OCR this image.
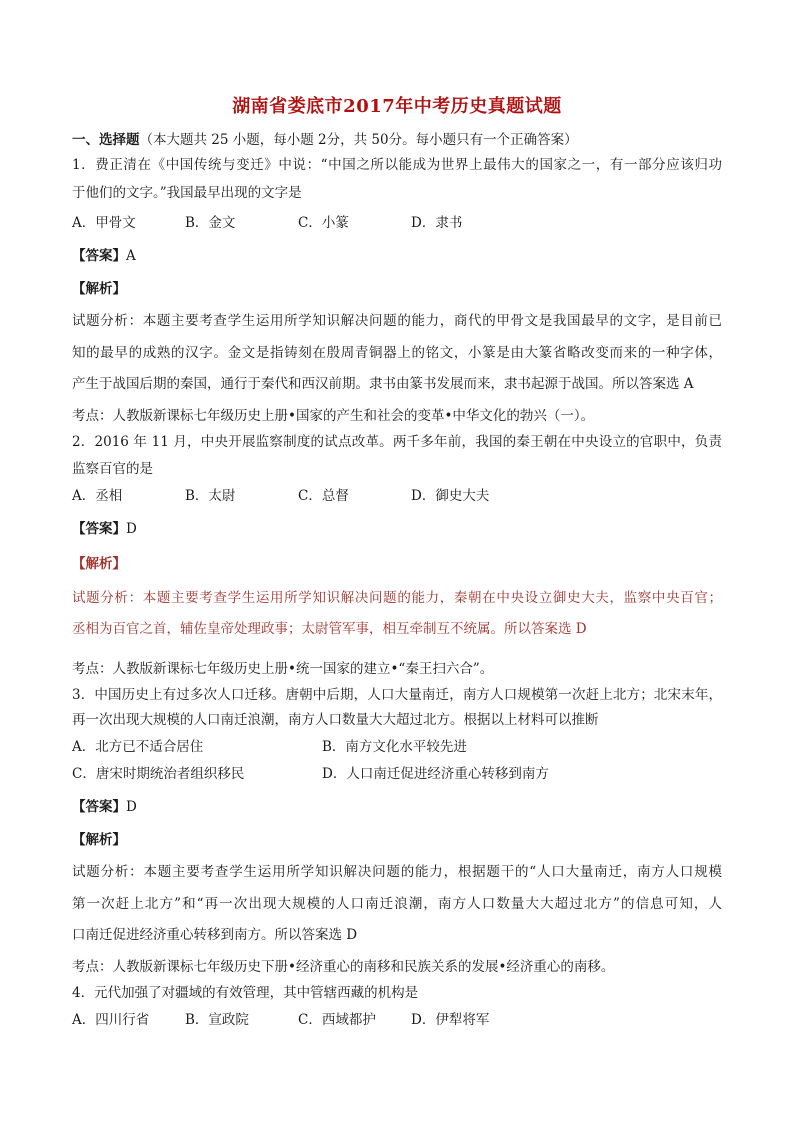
湖南省娄底市2017年中考历史真题试题
一、选择题（本大题共 25 小题，每小题 2分，共 50分。每小题只有一个正确答案）
1．费正清在《中国传统与变迁》中说：“中国之所以能成为世界上最伟大的国家之一，有一部分应该归功
于他们的文字。”我国最早出现的文字是
A．甲骨文	B．金文	C．小篆	D．隶书
【答案】A
【解析】
试题分析：本题主要考查学生运用所学知识解决问题的能力，商代的甲骨文是我国最早的文字，是目前已
知的最早的成熟的汉字。金文是指铸刻在殷周青铜器上的铭文，小篆是由大篆省略改变而来的一种字体，
产生于战国后期的秦国，通行于秦代和西汉前期。隶书由篆书发展而来，隶书起源于战国。所以答案选 A
考点：人教版新课标七年级历史上册•国家的产生和社会的变革•中华文化的勃兴（一）。
2．2016 年 11 月，中央开展监察制度的试点改革。两千多年前，我国的秦王朝在中央设立的官职中，负责
监察百官的是
A．丞相	B．太尉	C．总督	D．御史大夫
【答案】D
【解析】
试题分析：本题主要考查学生运用所学知识解决问题的能力，秦朝在中央设立御史大夫，监察中央百官；
丞相为百官之首，辅佐皇帝处理政事；太尉管军事，相互牵制互不统属。所以答案选 D
考点：人教版新课标七年级历史上册•统一国家的建立•“秦王扫六合”。
3．中国历史上有过多次人口迁移。唐朝中后期，人口大量南迁，南方人口规模第一次赶上北方；北宋末年，
再一次出现大规模的人口南迁浪潮，南方人口数量大大超过北方。根据以上材料可以推断
A．北方已不适合居住	B．南方文化水平较先进
C．唐宋时期统治者组织移民	D．人口南迁促进经济重心转移到南方
【答案】D
【解析】
试题分析：本题主要考查学生运用所学知识解决问题的能力，根据题干的“人口大量南迁，南方人口规模
第一次赶上北方”和“再一次出现大规模的人口南迁浪潮，南方人口数量大大超过北方”的信息可知，人
口南迁促进经济重心转移到南方。所以答案选 D
考点：人教版新课标七年级历史下册•经济重心的南移和民族关系的发展•经济重心的南移。
4．元代加强了对疆域的有效管理，其中管辖西藏的机构是
A．四川行省	B．宣政院	C．西域都护	D．伊犁将军
